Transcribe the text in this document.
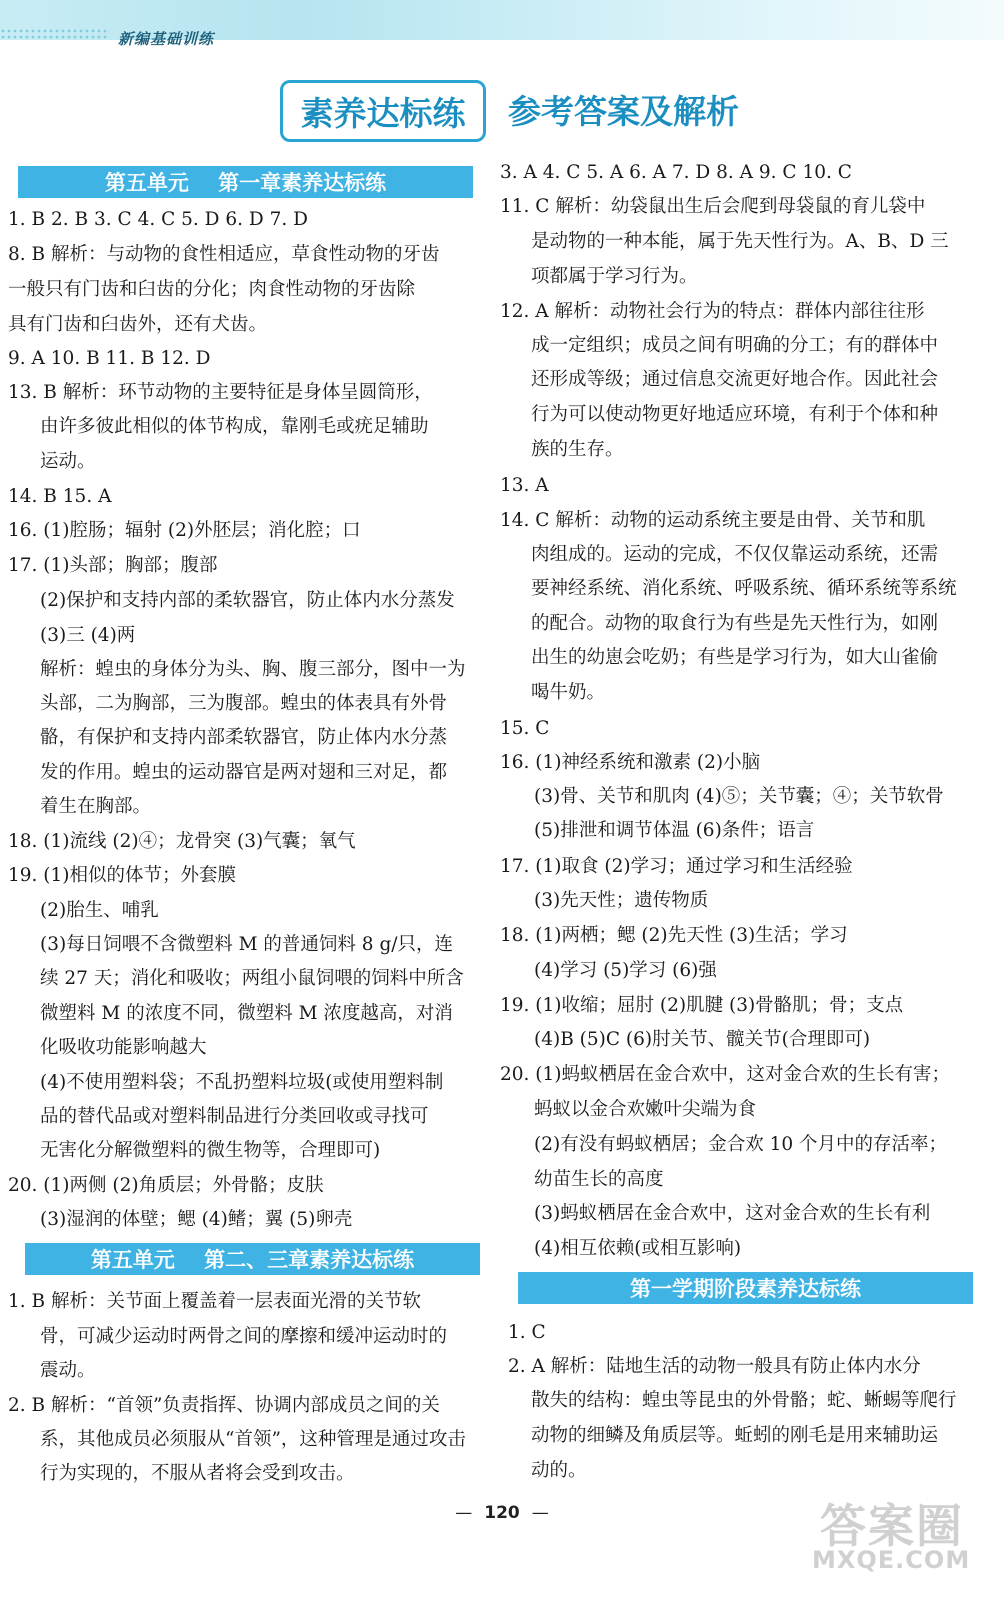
新编基础训练
素养达标练	参考答案及解析
第五单元    第一章素养达标练
1. B 2. B 3. C 4. C 5. D 6. D 7. D
8. B 解析：与动物的食性相适应，草食性动物的牙齿
一般只有门齿和臼齿的分化；肉食性动物的牙齿除
具有门齿和臼齿外，还有犬齿。
9. A 10. B 11. B 12. D
13. B 解析：环节动物的主要特征是身体呈圆筒形，
由许多彼此相似的体节构成，靠刚毛或疣足辅助
运动。
14. B 15. A
16. (1)腔肠；辐射 (2)外胚层；消化腔；口
17. (1)头部；胸部；腹部
(2)保护和支持内部的柔软器官，防止体内水分蒸发
(3)三 (4)两
解析：蝗虫的身体分为头、胸、腹三部分，图中一为
头部，二为胸部，三为腹部。蝗虫的体表具有外骨
骼，有保护和支持内部柔软器官，防止体内水分蒸
发的作用。蝗虫的运动器官是两对翅和三对足，都
着生在胸部。
18. (1)流线 (2)④；龙骨突 (3)气囊；氧气
19. (1)相似的体节；外套膜
(2)胎生、哺乳
(3)每日饲喂不含微塑料 M 的普通饲料 8 g/只，连
续 27 天；消化和吸收；两组小鼠饲喂的饲料中所含
微塑料 M 的浓度不同，微塑料 M 浓度越高，对消
化吸收功能影响越大
(4)不使用塑料袋；不乱扔塑料垃圾(或使用塑料制
品的替代品或对塑料制品进行分类回收或寻找可
无害化分解微塑料的微生物等，合理即可)
20. (1)两侧 (2)角质层；外骨骼；皮肤
(3)湿润的体壁；鳃 (4)鳍；翼 (5)卵壳
第五单元    第二、三章素养达标练
1. B 解析：关节面上覆盖着一层表面光滑的关节软
骨，可减少运动时两骨之间的摩擦和缓冲运动时的
震动。
2. B 解析：“首领”负责指挥、协调内部成员之间的关
系，其他成员必须服从“首领”，这种管理是通过攻击
行为实现的，不服从者将会受到攻击。
3. A 4. C 5. A 6. A 7. D 8. A 9. C 10. C
11. C 解析：幼袋鼠出生后会爬到母袋鼠的育儿袋中
是动物的一种本能，属于先天性行为。A、B、D 三
项都属于学习行为。
12. A 解析：动物社会行为的特点：群体内部往往形
成一定组织；成员之间有明确的分工；有的群体中
还形成等级；通过信息交流更好地合作。因此社会
行为可以使动物更好地适应环境，有利于个体和种
族的生存。
13. A
14. C 解析：动物的运动系统主要是由骨、关节和肌
肉组成的。运动的完成，不仅仅靠运动系统，还需
要神经系统、消化系统、呼吸系统、循环系统等系统
的配合。动物的取食行为有些是先天性行为，如刚
出生的幼崽会吃奶；有些是学习行为，如大山雀偷
喝牛奶。
15. C
16. (1)神经系统和激素 (2)小脑
(3)骨、关节和肌肉 (4)⑤；关节囊；④；关节软骨
(5)排泄和调节体温 (6)条件；语言
17. (1)取食 (2)学习；通过学习和生活经验
(3)先天性；遗传物质
18. (1)两栖；鳃 (2)先天性 (3)生活；学习
(4)学习 (5)学习 (6)强
19. (1)收缩；屈肘 (2)肌腱 (3)骨骼肌；骨；支点
(4)B (5)C (6)肘关节、髋关节(合理即可)
20. (1)蚂蚁栖居在金合欢中，这对金合欢的生长有害；
蚂蚁以金合欢嫩叶尖端为食
(2)有没有蚂蚁栖居；金合欢 10 个月中的存活率；
幼苗生长的高度
(3)蚂蚁栖居在金合欢中，这对金合欢的生长有利
(4)相互依赖(或相互影响)
第一学期阶段素养达标练
1. C
2. A 解析：陆地生活的动物一般具有防止体内水分
散失的结构：蝗虫等昆虫的外骨骼；蛇、蜥蜴等爬行
动物的细鳞及角质层等。蚯蚓的刚毛是用来辅助运
动的。
— 120 —	答案圈
MXQE.COM
